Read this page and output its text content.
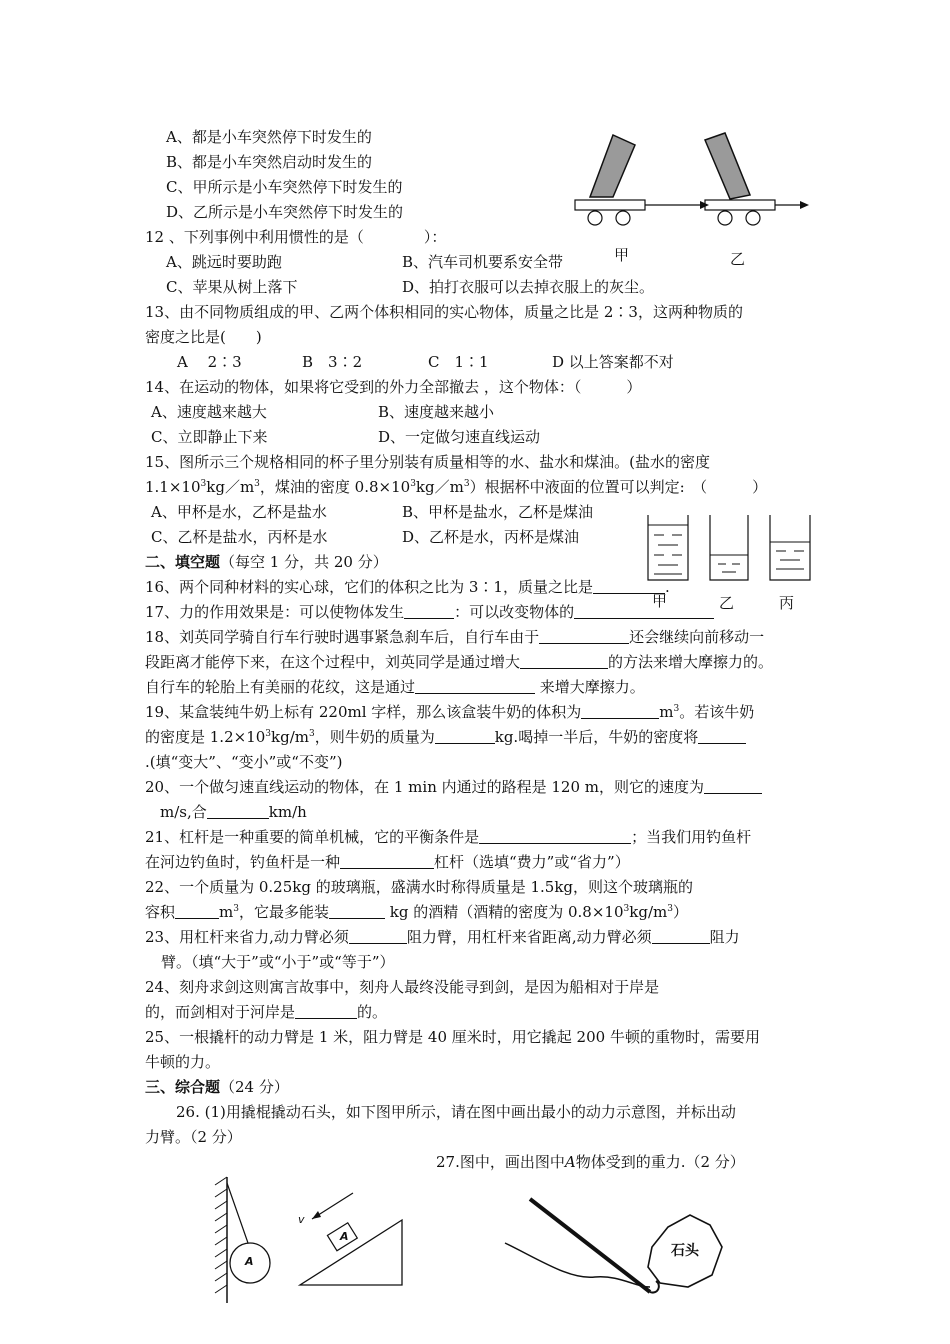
A、都是小车突然停下时发生的
B、都是小车突然启动时发生的
C、甲所示是小车突然停下时发生的
D、乙所示是小车突然停下时发生的
甲	乙
12 、下列事例中利用惯性的是（　　　　）：
A、跳远时要助跑	B、汽车司机要系安全带
C、苹果从树上落下	D、拍打衣服可以去掉衣服上的灰尘。
13、由不同物质组成的甲、乙两个体积相同的实心物体，质量之比是 2∶3，这两种物质的
密度之比是(　　)
A　 2∶3	B　3∶2	C　1∶1	D 以上答案都不对
14、在运动的物体，如果将它受到的外力全部撤去 ，这个物体：（　　　）
A、速度越来越大	B、速度越来越小
C、立即静止下来	D、一定做匀速直线运动
15、图所示三个规格相同的杯子里分别装有质量相等的水、盐水和煤油。(盐水的密度
$1.1\times 10^3kg/m^3$，煤油的密度 $0.8\times 10^3kg/m^3$）根据杯中液面的位置可以判定:　（　　　）
A、甲杯是水，乙杯是盐水	B、甲杯是盐水，乙杯是煤油
C、乙杯是盐水，丙杯是水	D、乙杯是水，丙杯是煤油
甲	乙	丙
二、填空题（每空 1 分，共 20 分）
16、两个同种材料的实心球，它们的体积之比为 3∶1，质量之比是	.
17、力的作用效果是：可以使物体发生	：可以改变物体的
18、刘英同学骑自行车行驶时遇事紧急刹车后，自行车由于	还会继续向前移动一
段距离才能停下来，在这个过程中，刘英同学是通过增大	的方法来增大摩擦力的。
自行车的轮胎上有美丽的花纹，这是通过	来增大摩擦力。
19、某盒装纯牛奶上标有 220ml 字样，那么该盒装牛奶的体积为	$m^3$。若该牛奶
的密度是 $1.2\times 10^3kg/m^3$，则牛奶的质量为	kg.喝掉一半后，牛奶的密度将
.(填“变大”、“变小”或“不变”)
20、一个做匀速直线运动的物体，在 1 min 内通过的路程是 120 m，则它的速度为
m/s,合	km/h
21、杠杆是一种重要的简单机械，它的平衡条件是	；当我们用钓鱼杆
在河边钓鱼时，钓鱼杆是一种	杠杆（选填“费力”或“省力”）
22、一个质量为 0.25kg 的玻璃瓶，盛满水时称得质量是 1.5kg，则这个玻璃瓶的
容积	$m^3$，它最多能装	kg 的酒精（酒精的密度为 $0.8\times 10^3kg/m^3$）
23、用杠杆来省力,动力臂必须	阻力臂，用杠杆来省距离,动力臂必须	阻力
臂。（填“大于”或“小于”或“等于”）
24、刻舟求剑这则寓言故事中，刻舟人最终没能寻到剑，是因为船相对于岸是
的，而剑相对于河岸是	的。
25、一根撬杆的动力臂是 1 米，阻力臂是 40 厘米时，用它撬起 200 牛顿的重物时，需要用
牛顿的力。
三、综合题（24 分）
26. (1)用撬棍撬动石头，如下图甲所示，请在图中画出最小的动力示意图，并标出动
力臂。（2 分）
27.图中，画出图中A物体受到的重力.（2 分）
A
A
v
石头
